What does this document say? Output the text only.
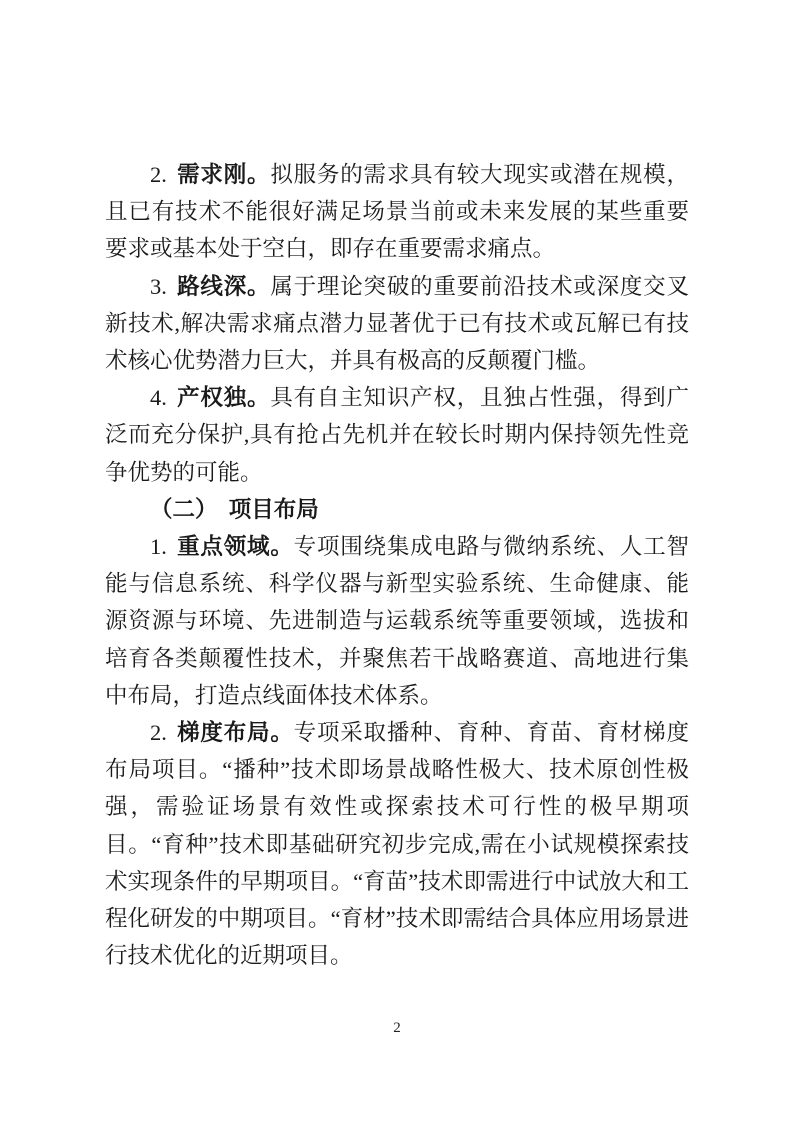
2. 需求刚。拟服务的需求具有较大现实或潜在规模，且已有技术不能很好满足场景当前或未来发展的某些重要要求或基本处于空白，即存在重要需求痛点。

3. 路线深。属于理论突破的重要前沿技术或深度交叉新技术,解决需求痛点潜力显著优于已有技术或瓦解已有技术核心优势潜力巨大，并具有极高的反颠覆门槛。

4. 产权独。具有自主知识产权，且独占性强，得到广泛而充分保护,具有抢占先机并在较长时期内保持领先性竞争优势的可能。

（二）　项目布局

1. 重点领域。专项围绕集成电路与微纳系统、人工智能与信息系统、科学仪器与新型实验系统、生命健康、能源资源与环境、先进制造与运载系统等重要领域，选拔和培育各类颠覆性技术，并聚焦若干战略赛道、高地进行集中布局，打造点线面体技术体系。

2. 梯度布局。专项采取播种、育种、育苗、育材梯度布局项目。“播种”技术即场景战略性极大、技术原创性极强，需验证场景有效性或探索技术可行性的极早期项目。“育种”技术即基础研究初步完成,需在小试规模探索技术实现条件的早期项目。“育苗”技术即需进行中试放大和工程化研发的中期项目。“育材”技术即需结合具体应用场景进行技术优化的近期项目。

2
